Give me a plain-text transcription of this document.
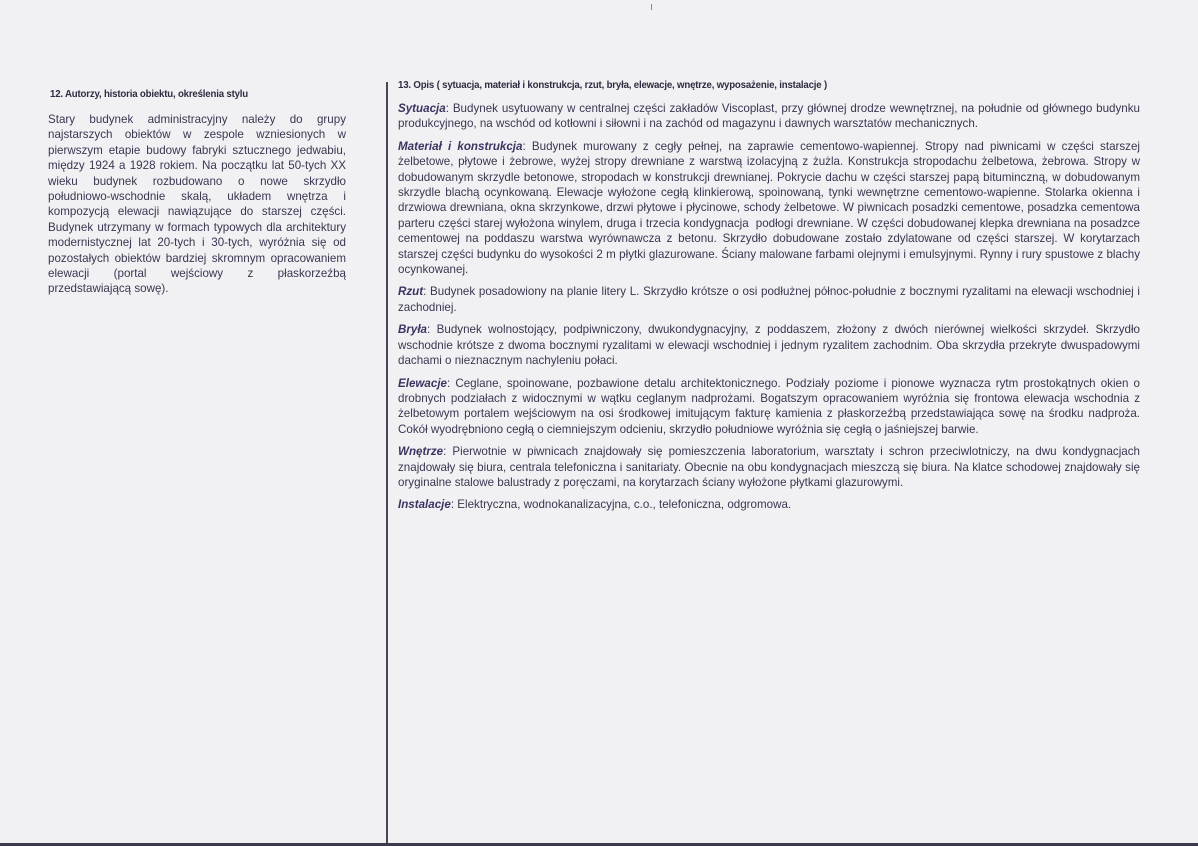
12. Autorzy, historia obiektu, określenia stylu

Stary budynek administracyjny należy do grupy najstarszych obiektów w zespole wzniesionych w pierwszym etapie budowy fabryki sztucznego jedwabiu, między 1924 a 1928 rokiem. Na początku lat 50-tych XX wieku budynek rozbudowano o nowe skrzydło południowo-wschodnie skalą, układem wnętrza i kompozycją elewacji nawiązujące do starszej części. Budynek utrzymany w formach typowych dla architektury modernistycznej lat 20-tych i 30-tych, wyróżnia się od pozostałych obiektów bardziej skromnym opracowaniem elewacji (portal wejściowy z płaskorzeźbą przedstawiającą sowę).

13. Opis ( sytuacja, materiał i konstrukcja, rzut, bryła, elewacje, wnętrze, wyposażenie, instalacje )

Sytuacja: Budynek usytuowany w centralnej części zakładów Viscoplast, przy głównej drodze wewnętrznej, na południe od głównego budynku produkcyjnego, na wschód od kotłowni i siłowni i na zachód od magazynu i dawnych warsztatów mechanicznych.

Materiał i konstrukcja: Budynek murowany z cegły pełnej, na zaprawie cementowo-wapiennej. Stropy nad piwnicami w części starszej żelbetowe, płytowe i żebrowe, wyżej stropy drewniane z warstwą izolacyjną z żużla. Konstrukcja stropodachu żelbetowa, żebrowa. Stropy w dobudowanym skrzydle betonowe, stropodach w konstrukcji drewnianej. Pokrycie dachu w części starszej papą bituminczną, w dobudowanym skrzydle blachą ocynkowaną. Elewacje wyłożone cegłą klinkierową, spoinowaną, tynki wewnętrzne cementowo-wapienne. Stolarka okienna i drzwiowa drewniana, okna skrzynkowe, drzwi płytowe i płycinowe, schody żelbetowe. W piwnicach posadzki cementowe, posadzka cementowa parteru części starej wyłożona winylem, druga i trzecia kondygnacja  podłogi drewniane. W części dobudowanej klepka drewniana na posadzce cementowej na poddaszu warstwa wyrównawcza z betonu. Skrzydło dobudowane zostało zdylatowane od części starszej. W korytarzach starszej części budynku do wysokości 2 m płytki glazurowane. Ściany malowane farbami olejnymi i emulsyjnymi. Rynny i rury spustowe z blachy ocynkowanej.

Rzut: Budynek posadowiony na planie litery L. Skrzydło krótsze o osi podłużnej północ-południe z bocznymi ryzalitami na elewacji wschodniej i zachodniej.

Bryła: Budynek wolnostojący, podpiwniczony, dwukondygnacyjny, z poddaszem, złożony z dwóch nierównej wielkości skrzydeł. Skrzydło wschodnie krótsze z dwoma bocznymi ryzalitami w elewacji wschodniej i jednym ryzalitem zachodnim. Oba skrzydła przekryte dwuspadowymi dachami o nieznacznym nachyleniu połaci.

Elewacje: Ceglane, spoinowane, pozbawione detalu architektonicznego. Podziały poziome i pionowe wyznacza rytm prostokątnych okien o drobnych podziałach z widocznymi w wątku ceglanym nadprożami. Bogatszym opracowaniem wyróżnia się frontowa elewacja wschodnia z żelbetowym portalem wejściowym na osi środkowej imitującym fakturę kamienia z płaskorzeźbą przedstawiająca sowę na środku nadproża. Cokół wyodrębniono cegłą o ciemniejszym odcieniu, skrzydło południowe wyróżnia się cegłą o jaśniejszej barwie.

Wnętrze: Pierwotnie w piwnicach znajdowały się pomieszczenia laboratorium, warsztaty i schron przeciwlotniczy, na dwu kondygnacjach znajdowały się biura, centrala telefoniczna i sanitariaty. Obecnie na obu kondygnacjach mieszczą się biura. Na klatce schodowej znajdowały się oryginalne stalowe balustrady z poręczami, na korytarzach ściany wyłożone płytkami glazurowymi.

Instalacje: Elektryczna, wodnokanalizacyjna, c.o., telefoniczna, odgromowa.
